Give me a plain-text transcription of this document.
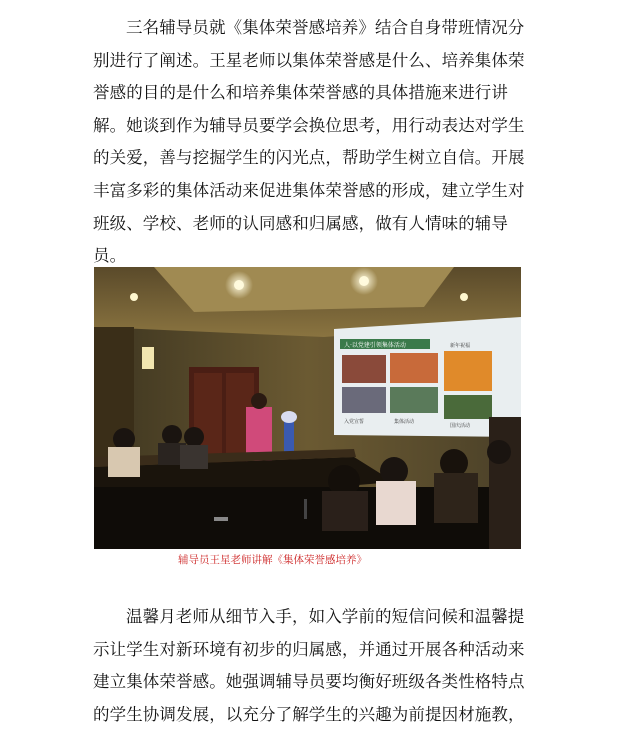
三名辅导员就《集体荣誉感培养》结合自身带班情况分

别进行了阐述。王星老师以集体荣誉感是什么、培养集体荣

誉感的目的是什么和培养集体荣誉感的具体措施来进行讲

解。她谈到作为辅导员要学会换位思考，用行动表达对学生

的关爱，善与挖掘学生的闪光点，帮助学生树立自信。开展

丰富多彩的集体活动来促进集体荣誉感的形成，建立学生对

班级、学校、老师的认同感和归属感，做有人情味的辅导员。

人·以党建引领集体活动
入党宣誓	集体活动
国庆活动
新年祝福
辅导员王星老师讲解《集体荣誉感培养》

温馨月老师从细节入手，如入学前的短信问候和温馨提

示让学生对新环境有初步的归属感，并通过开展各种活动来

建立集体荣誉感。她强调辅导员要均衡好班级各类性格特点

的学生协调发展，以充分了解学生的兴趣为前提因材施教，
